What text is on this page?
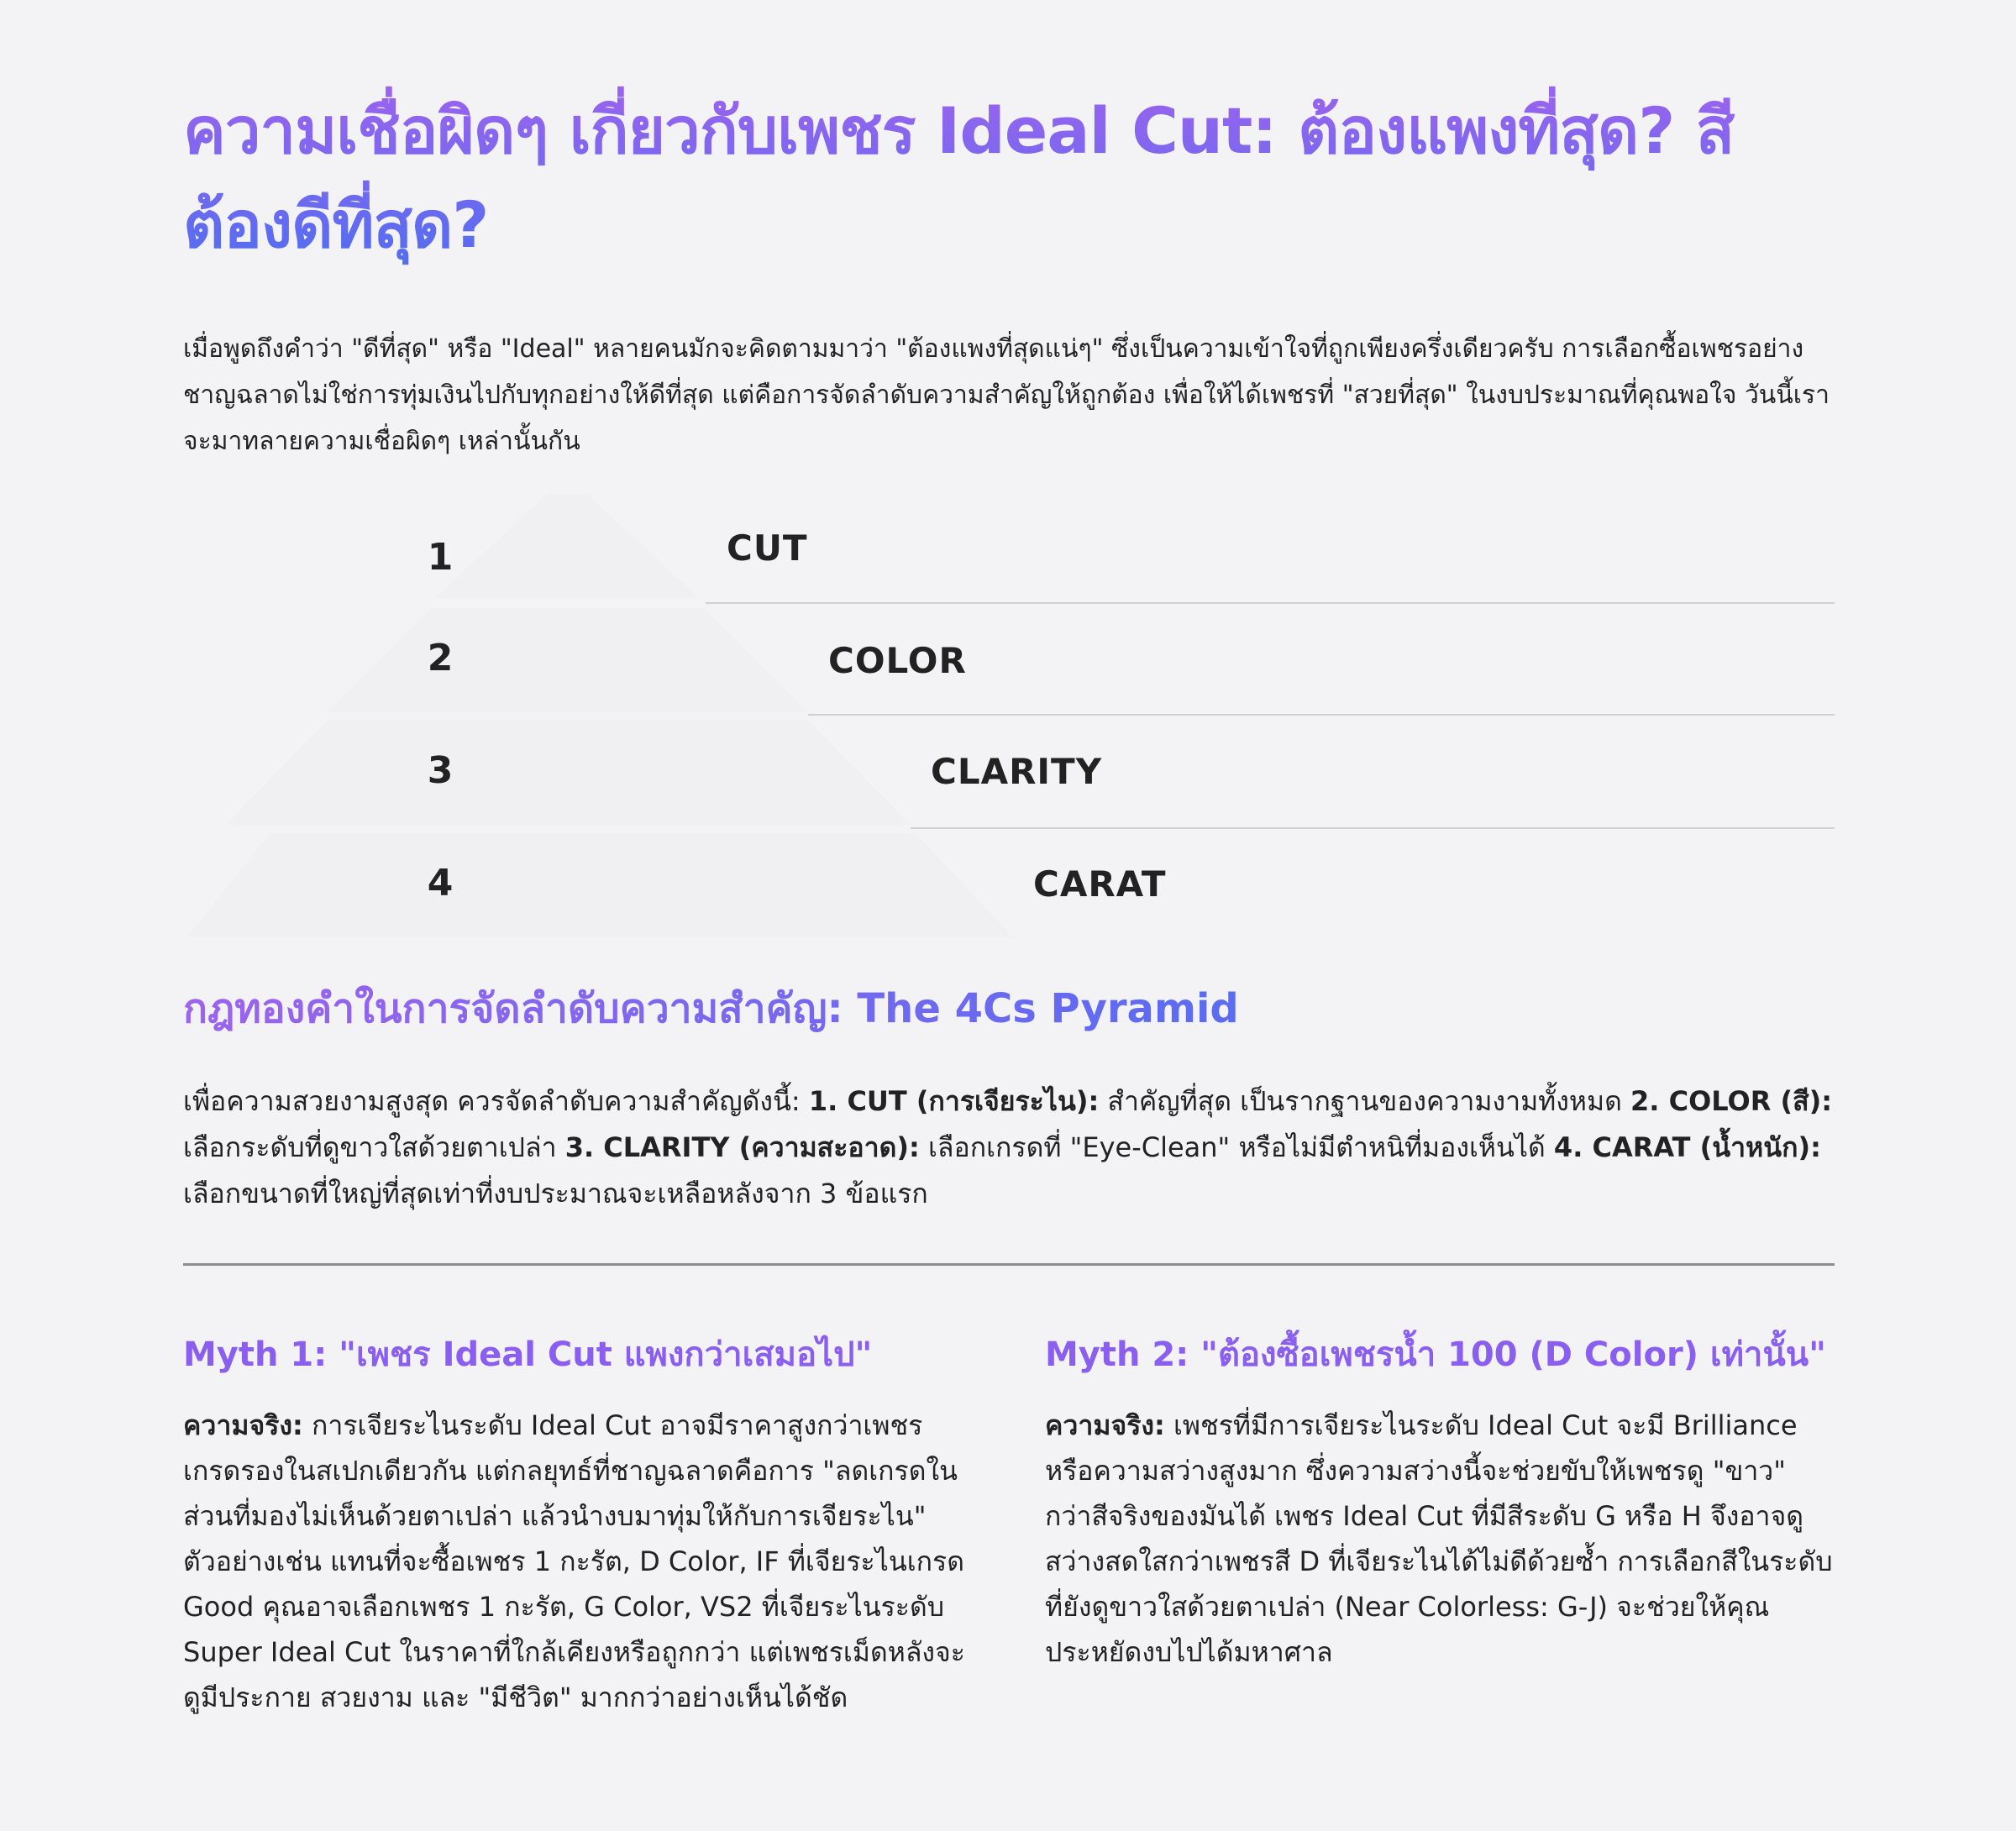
ความเชื่อผิดๆ เกี่ยวกับเพชร Ideal Cut: ต้องแพงที่สุด? สีต้องดีที่สุด?

เมื่อพูดถึงคำว่า "ดีที่สุด" หรือ "Ideal" หลายคนมักจะคิดตามมาว่า "ต้องแพงที่สุดแน่ๆ" ซึ่งเป็นความเข้าใจที่ถูกเพียงครึ่งเดียวครับ การเลือกซื้อเพชรอย่างชาญฉลาดไม่ใช่การทุ่มเงินไปกับทุกอย่างให้ดีที่สุด แต่คือการจัดลำดับความสำคัญให้ถูกต้อง เพื่อให้ได้เพชรที่ "สวยที่สุด" ในงบประมาณที่คุณพอใจ วันนี้เราจะมาทลายความเชื่อผิดๆ เหล่านั้นกัน

1	CUT
2	COLOR
3	CLARITY
4	CARAT
กฎทองคำในการจัดลำดับความสำคัญ: The 4Cs Pyramid

เพื่อความสวยงามสูงสุด ควรจัดลำดับความสำคัญดังนี้: 1. CUT (การเจียระไน): สำคัญที่สุด เป็นรากฐานของความงามทั้งหมด 2. COLOR (สี): เลือกระดับที่ดูขาวใสด้วยตาเปล่า 3. CLARITY (ความสะอาด): เลือกเกรดที่ "Eye-Clean" หรือไม่มีตำหนิที่มองเห็นได้ 4. CARAT (น้ำหนัก): เลือกขนาดที่ใหญ่ที่สุดเท่าที่งบประมาณจะเหลือหลังจาก 3 ข้อแรก

Myth 1: "เพชร Ideal Cut แพงกว่าเสมอไป"

ความจริง: การเจียระไนระดับ Ideal Cut อาจมีราคาสูงกว่าเพชรเกรดรองในสเปกเดียวกัน แต่กลยุทธ์ที่ชาญฉลาดคือการ "ลดเกรดในส่วนที่มองไม่เห็นด้วยตาเปล่า แล้วนำงบมาทุ่มให้กับการเจียระไน" ตัวอย่างเช่น แทนที่จะซื้อเพชร 1 กะรัต, D Color, IF ที่เจียระไนเกรด Good คุณอาจเลือกเพชร 1 กะรัต, G Color, VS2 ที่เจียระไนระดับ Super Ideal Cut ในราคาที่ใกล้เคียงหรือถูกกว่า แต่เพชรเม็ดหลังจะดูมีประกาย สวยงาม และ "มีชีวิต" มากกว่าอย่างเห็นได้ชัด

Myth 2: "ต้องซื้อเพชรน้ำ 100 (D Color) เท่านั้น"

ความจริง: เพชรที่มีการเจียระไนระดับ Ideal Cut จะมี Brilliance หรือความสว่างสูงมาก ซึ่งความสว่างนี้จะช่วยขับให้เพชรดู "ขาว" กว่าสีจริงของมันได้ เพชร Ideal Cut ที่มีสีระดับ G หรือ H จึงอาจดูสว่างสดใสกว่าเพชรสี D ที่เจียระไนได้ไม่ดีด้วยซ้ำ การเลือกสีในระดับที่ยังดูขาวใสด้วยตาเปล่า (Near Colorless: G-J) จะช่วยให้คุณประหยัดงบไปได้มหาศาล
